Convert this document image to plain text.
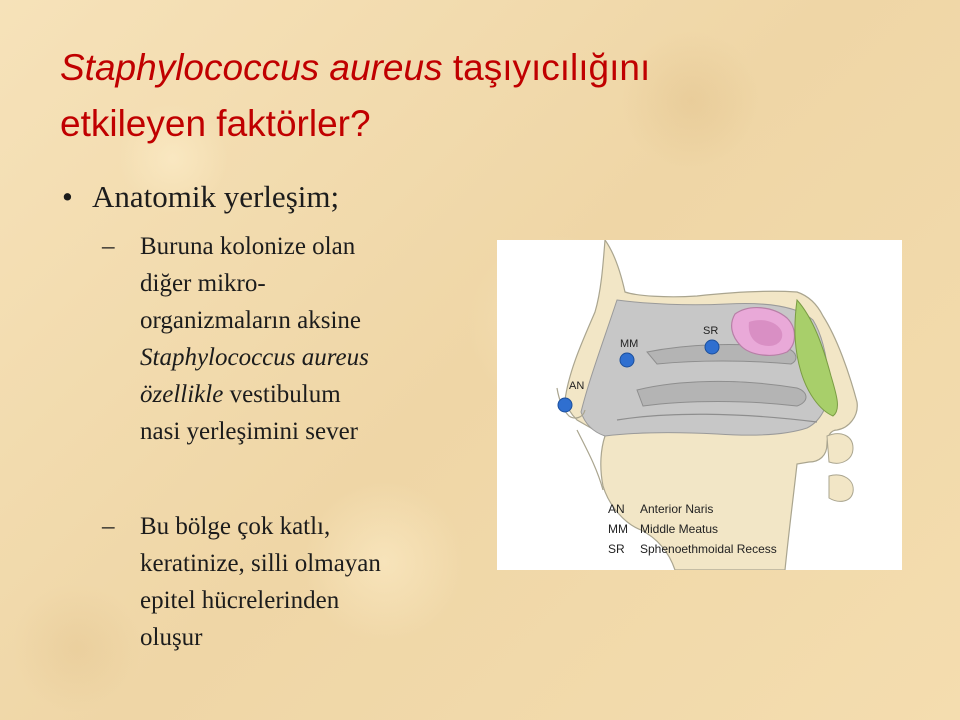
Staphylococcus aureus taşıyıcılığını
etkileyen faktörler?
• Anatomik yerleşim;
–	Buruna kolonize olan
diğer mikro-
organizmaların aksine
Staphylococcus aureus
özellikle vestibulum
nasi yerleşimini sever
–	Bu bölge çok katlı,
keratinize, silli olmayan
epitel hücrelerinden
oluşur
AN
MM
SR
AN Anterior Naris
MM Middle Meatus
SR Sphenoethmoidal Recess
